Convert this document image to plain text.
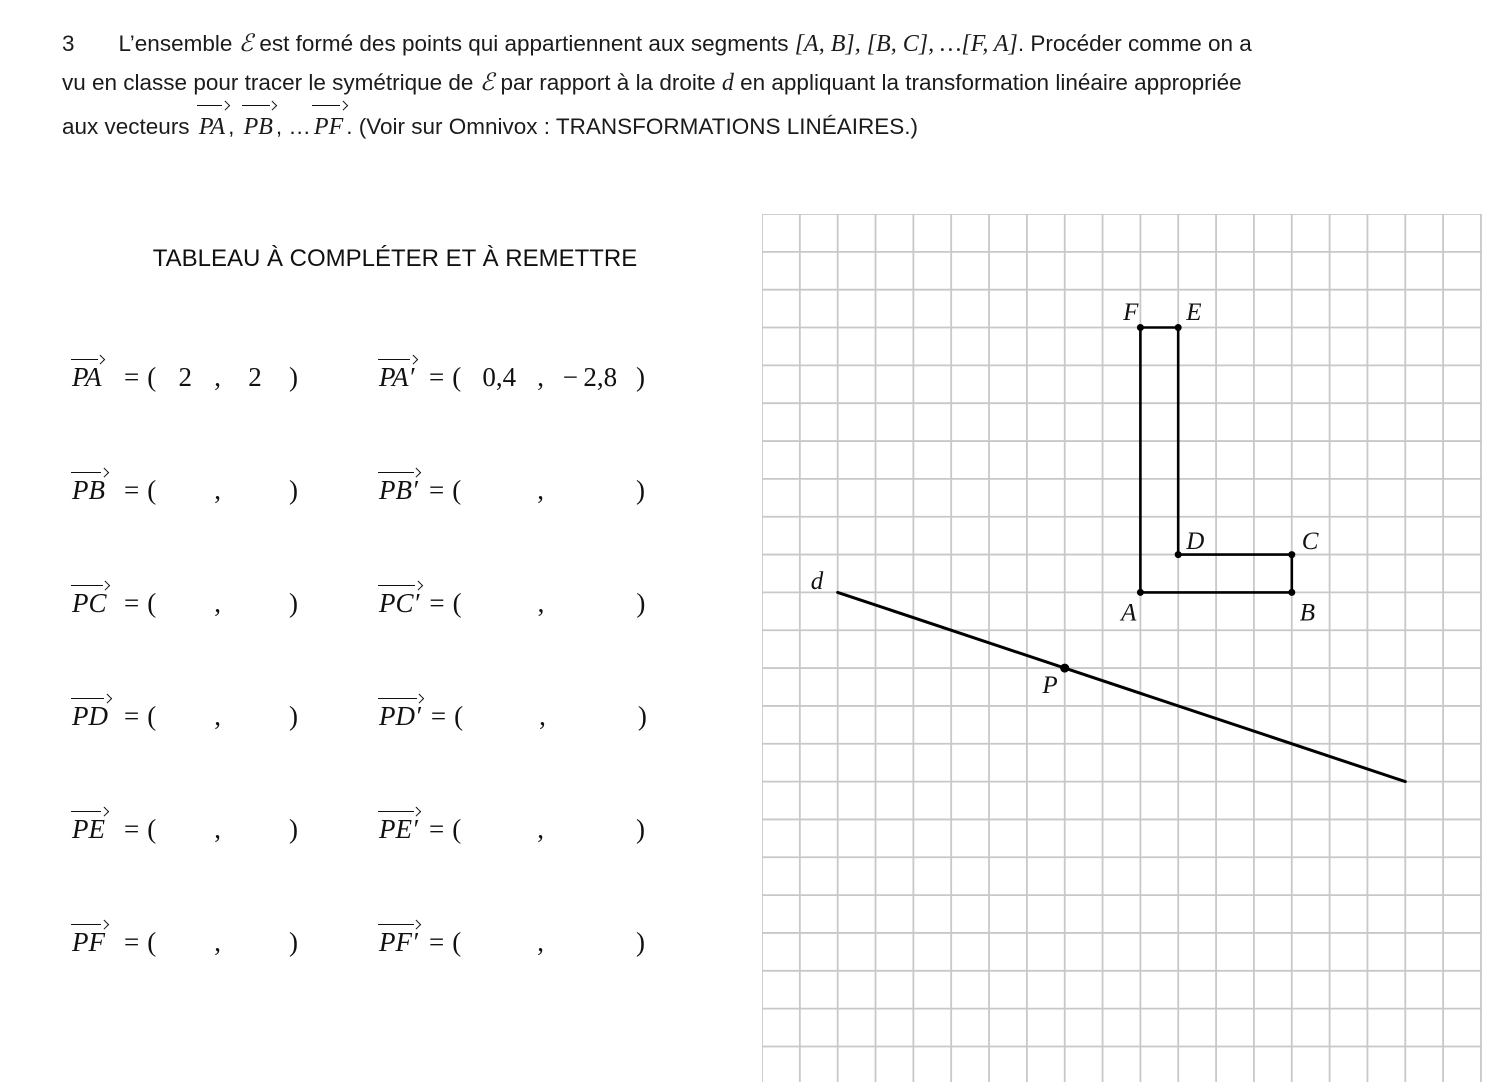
3 L’ensemble ℰ est formé des points qui appartiennent aux segments [A, B], [B, C], …[F, A]. Procéder comme on a
vu en classe pour tracer le symétrique de ℰ par rapport à la droite d en appliquant la transformation linéaire appropriée
aux vecteurs PA , PB , … PF . (Voir sur Omnivox : TRANSFORMATIONS LINÉAIRES.)
TABLEAU À COMPLÉTER ET À REMETTRE
PA = ( 2 ,	2	)	PA′ = ( 0,4 , − 2,8 )
PB = ( ,	)	PB′ = (	,	)
PC = ( ,	)	PC′ = (	,	)
PD = ( ,	)	PD′ = (	,	)
PE = ( ,	)	PE′ = (	,	)
PF = ( ,	)	PF′ = (	,	)
d
A	B
C
D
E
F
P
